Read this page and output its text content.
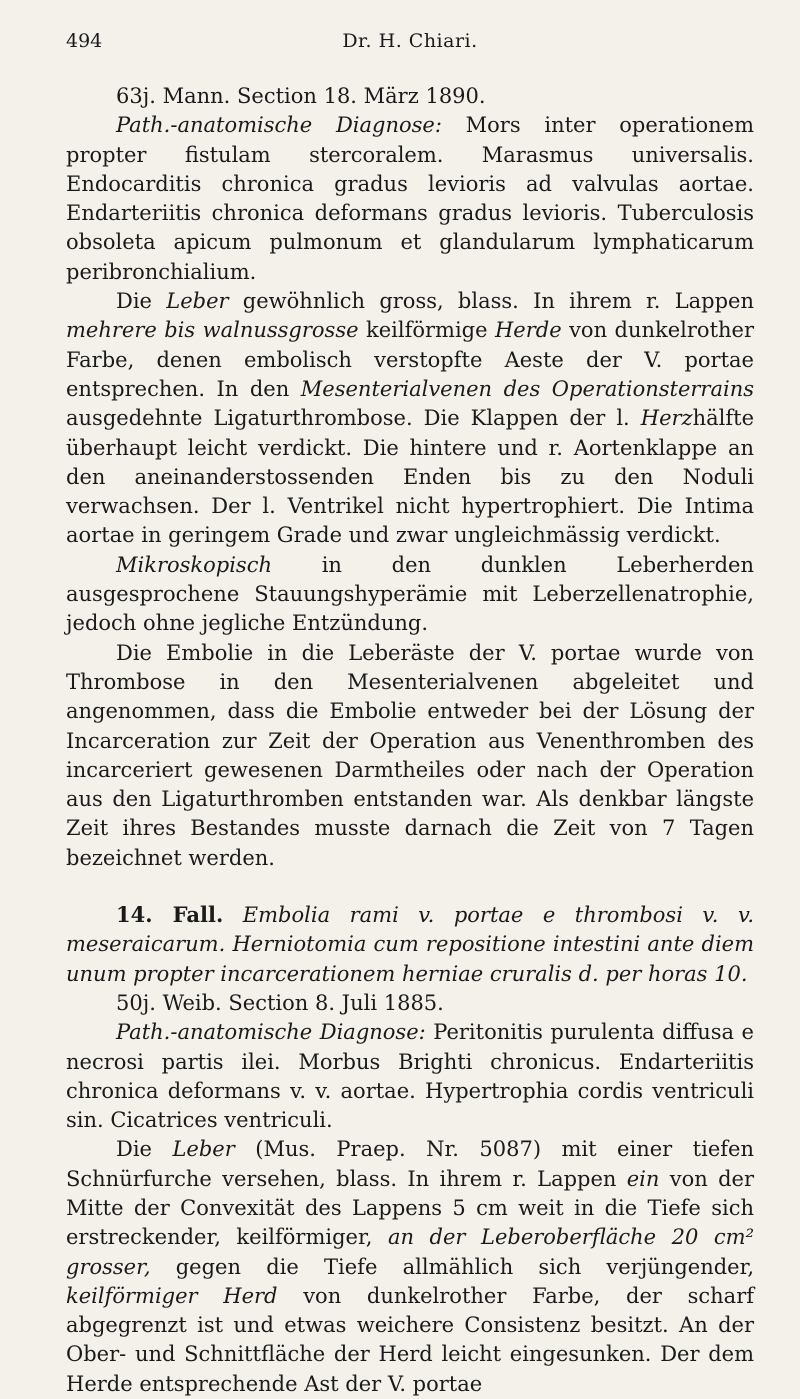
494	Dr. H. Chiari.

63j. Mann. Section 18. März 1890.

Path.-anatomische Diagnose: Mors inter operationem propter fistulam stercoralem. Marasmus universalis. Endocarditis chronica gradus levioris ad valvulas aortae. Endarteriitis chronica deformans gradus levioris. Tuberculosis obsoleta apicum pulmonum et glandularum lymphaticarum peribronchialium.

Die Leber gewöhnlich gross, blass. In ihrem r. Lappen mehrere bis walnussgrosse keilförmige Herde von dunkelrother Farbe, denen embolisch verstopfte Aeste der V. portae entsprechen. In den Mesenterialvenen des Operationsterrains ausgedehnte Ligaturthrombose. Die Klappen der l. Herzhälfte überhaupt leicht verdickt. Die hintere und r. Aortenklappe an den aneinanderstossenden Enden bis zu den Noduli verwachsen. Der l. Ventrikel nicht hypertrophiert. Die Intima aortae in geringem Grade und zwar ungleichmässig verdickt.

Mikroskopisch in den dunklen Leberherden ausgesprochene Stauungshyperämie mit Leberzellenatrophie, jedoch ohne jegliche Entzündung.

Die Embolie in die Leberäste der V. portae wurde von Thrombose in den Mesenterialvenen abgeleitet und angenommen, dass die Embolie entweder bei der Lösung der Incarceration zur Zeit der Operation aus Venenthromben des incarceriert gewesenen Darmtheiles oder nach der Operation aus den Ligaturthromben entstanden war. Als denkbar längste Zeit ihres Bestandes musste darnach die Zeit von 7 Tagen bezeichnet werden.

14. Fall. Embolia rami v. portae e thrombosi v. v. meseraicarum. Herniotomia cum repositione intestini ante diem unum propter incarcerationem herniae cruralis d. per horas 10.

50j. Weib. Section 8. Juli 1885.

Path.-anatomische Diagnose: Peritonitis purulenta diffusa e necrosi partis ilei. Morbus Brighti chronicus. Endarteriitis chronica deformans v. v. aortae. Hypertrophia cordis ventriculi sin. Cicatrices ventriculi.

Die Leber (Mus. Praep. Nr. 5087) mit einer tiefen Schnürfurche versehen, blass. In ihrem r. Lappen ein von der Mitte der Convexität des Lappens 5 cm weit in die Tiefe sich erstreckender, keilförmiger, an der Leberoberfläche 20 cm² grosser, gegen die Tiefe allmählich sich verjüngender, keilförmiger Herd von dunkelrother Farbe, der scharf abgegrenzt ist und etwas weichere Consistenz besitzt. An der Ober- und Schnittfläche der Herd leicht eingesunken. Der dem Herde entsprechende Ast der V. portae
